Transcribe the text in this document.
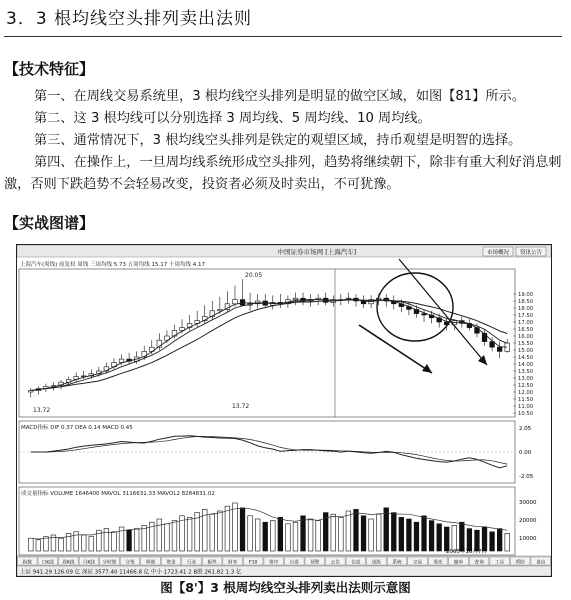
3．3 根均线空头排列卖出法则
【技术特征】

第一、在周线交易系统里，3 根均线空头排列是明显的做空区域，如图【81】所示。

第二、这 3 根均线可以分别选择 3 周均线、5 周均线、10 周均线。

第三、通常情况下，3 根均线空头排列是铁定的观望区域，持币观望是明智的选择。

第四、在操作上，一旦周均线系统形成空头排列，趋势将继续朝下，除非有重大利好消息刺激，否则下跌趋势不会轻易改变，投资者必须及时卖出，不可犹豫。

【实战图谱】
中国证券市场网 [上海汽车]	市场概况 资讯公告
上海汽车(周线) 前复权 周线 三周均线 5.73 五周均线 15.17 十周均线 4.17
19.00
18.50
18.00
17.50
17.00
16.50
16.00
15.50
15.00
14.50
14.00
13.50
13.00
12.50
12.00
11.50
11.00
10.50
20.05
13.72
13.72
MACD指标 DIF 0.37 DEA 0.14 MACD 0.45	2.05
0.00
-2.05
成交量指标 VOLUME 1646400 MAVOL 3116631.33 MAVOL2 8284831.02
30000
20000
10000
2005年10月7日
指数 日K线 周K线 月K线 分时图 分笔 明细 资金 行业 板块 财务	F10	排序 自选 预警 公告 信息 选股 系统 交易 委托 撤单 查询 工具 帮助 退出
上证 941.29 126.09 亿 深证 3577.40 11466.8 亿 中小 1723.41 2 B股 261.82 1.3 亿
图【8'】3 根周均线空头排列卖出法则示意图
